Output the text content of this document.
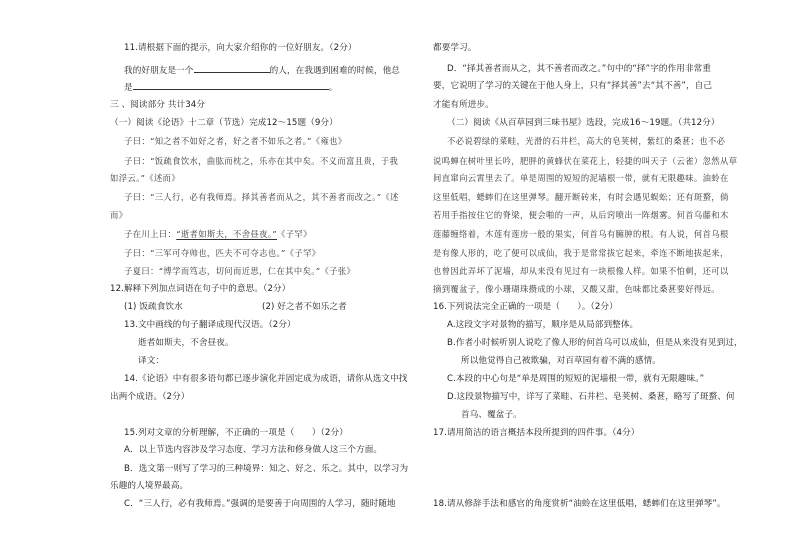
11.请根据下面的提示，向大家介绍你的一位好朋友。（2分）
我的好朋友是一个	的人，在我遇到困难的时候，他总
是	。
三 、阅读部分 共计34分
（一）阅读《论语》十二章（节选）完成12～15题（9分）
子曰：“知之者不如好之者，好之者不如乐之者。”《雍也》
子曰：“饭疏食饮水，曲肱而枕之，乐亦在其中矣。不义而富且贵，于我
如浮云。”《述而》
子曰：“三人行，必有我师焉。择其善者而从之，其不善者而改之。”《述
而》
子在川上曰：“逝者如斯夫，不舍昼夜。”《子罕》
子曰：“三军可夺帅也，匹夫不可夺志也。”《子罕》
子夏曰：“博学而笃志，切问而近思，仁在其中矣。”《子张》
12.解释下列加点词语在句子中的意思。（2分）
(1) 饭疏食饮水	(2) 好之者不如乐之者
13.文中画线的句子翻译成现代汉语。（2分）
逝者如斯夫，不舍昼夜。
译文：
14.《论语》中有很多语句都已逐步演化并固定成为成语，请你从选文中找
出两个成语。（2分）
15.列对文章的分析理解，不正确的一项是（　　）（2分）
A．以上节选内容涉及学习态度、学习方法和修身做人这三个方面。
B．选文第一则写了学习的三种境界：知之、好之、乐之。其中，以学习为
乐趣的人境界最高。
C．“三人行，必有我师焉。”强调的是要善于向周围的人学习，随时随地
都要学习。
D．“择其善者而从之，其不善者而改之。”句中的“择”字的作用非常重
要，它说明了学习的关键在于他人身上，只有“择其善”去“其不善”，自己
才能有所进步。
（二）阅读《从百草园到三味书屋》选段，完成16～19题。（共12分）
不必说碧绿的菜畦，光滑的石井栏，高大的皂荚树，紫红的桑葚；也不必
说鸣蝉在树叶里长吟，肥胖的黄蜂伏在菜花上，轻捷的叫天子（云雀）忽然从草
间直窜向云霄里去了。单是周围的短短的泥墙根一带，就有无限趣味。油蛉在
这里低唱，蟋蟀们在这里弹琴。翻开断砖来，有时会遇见蜈蚣；还有斑蝥，倘
若用手指按住它的脊梁，便会啪的一声，从后窍喷出一阵烟雾。何首乌藤和木
莲藤缠络着，木莲有莲房一般的果实，何首乌有臃肿的根。有人说，何首乌根
是有像人形的，吃了便可以成仙，我于是常常拔它起来，牵连不断地拔起来，
也曾因此弄坏了泥墙，却从来没有见过有一块根像人样。如果不怕刺，还可以
摘到覆盆子，像小珊瑚珠攒成的小球，又酸又甜，色味都比桑葚要好得远。
16.下列说法完全正确的一项是（　　）。（2分）
A.这段文字对景物的描写，顺序是从局部到整体。
B.作者小时候听别人说吃了像人形的何首乌可以成仙，但是从来没有见到过，
所以他觉得自己被欺骗，对百草园有着不满的感情。
C.本段的中心句是“单是周围的短短的泥墙根一带，就有无限趣味。”
D.这段景物描写中，详写了菜畦、石井栏、皂荚树、桑葚，略写了斑蝥、何
首乌、覆盆子。
17.请用简洁的语言概括本段所提到的四件事。（4分）
18.请从修辞手法和感官的角度赏析“油蛉在这里低唱，蟋蟀们在这里弹琴”。
